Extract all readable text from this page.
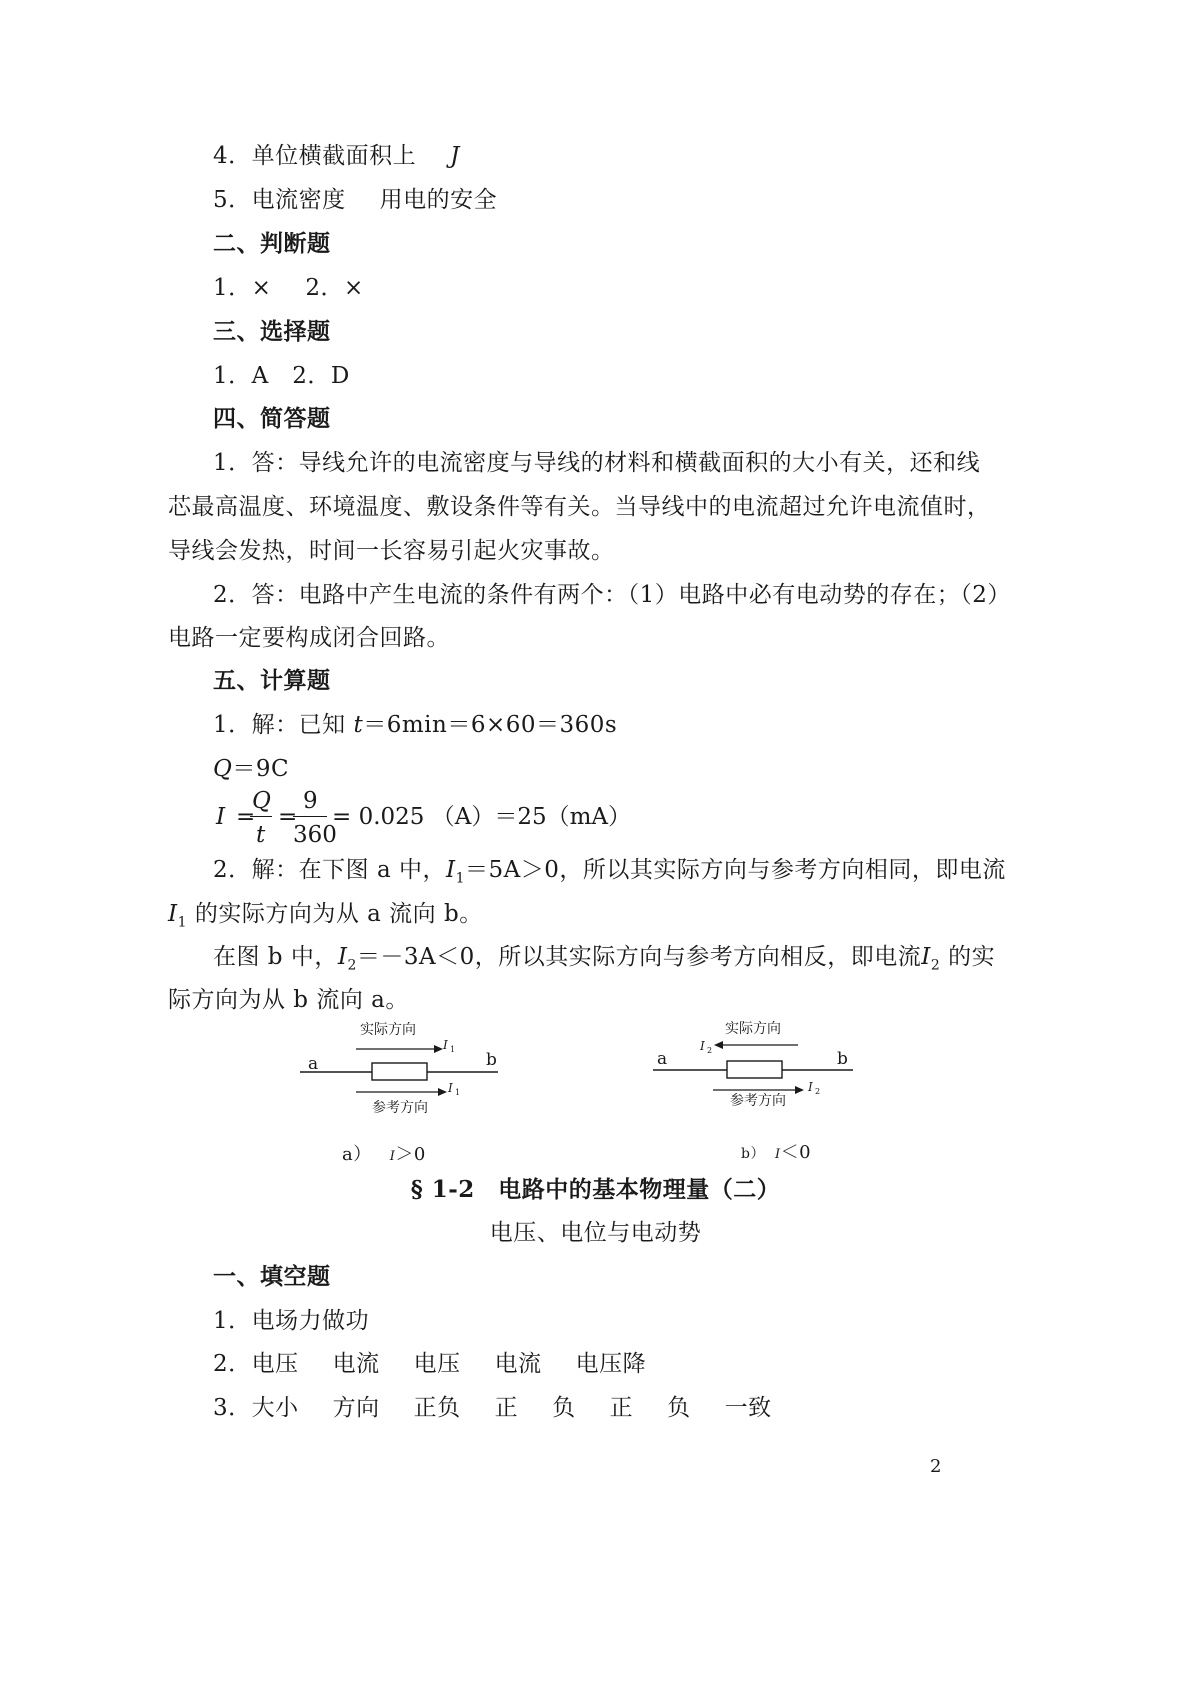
4．单位横截面积上 J
5．电流密度 用电的安全
二、判断题
1．× 2．×
三、选择题
1．A　2．D
四、简答题
1．答：导线允许的电流密度与导线的材料和横截面积的大小有关，还和线
芯最高温度、环境温度、敷设条件等有关。当导线中的电流超过允许电流值时，
导线会发热，时间一长容易引起火灾事故。
2．答：电路中产生电流的条件有两个：（1）电路中必有电动势的存在；（2）
电路一定要构成闭合回路。
五、计算题
1．解：已知 t＝6min＝6×60＝360s
Q＝9C
I =
Q
t
=
9
360
= 0.025 （A）＝25（mA）
2．解：在下图 a 中，$I_1=5A>0$，所以其实际方向与参考方向相同，即电流
$I_1$ 的实际方向为从 a 流向 b。
在图 b 中，$I_2=-3A<0$，所以其实际方向与参考方向相反，即电流$I_2$ 的实
际方向为从 b 流向 a。
实际方向
I 1
a	b
I 1
参考方向
a） I＞0
实际方向
I 2
a	b
I 2
参考方向
b） I＜0
§ 1-2　电路中的基本物理量（二）
电压、电位与电动势
一、填空题
1．电场力做功
2．电压 电流 电压 电流 电压降
3．大小 方向 正负 正 负 正 负 一致
2
